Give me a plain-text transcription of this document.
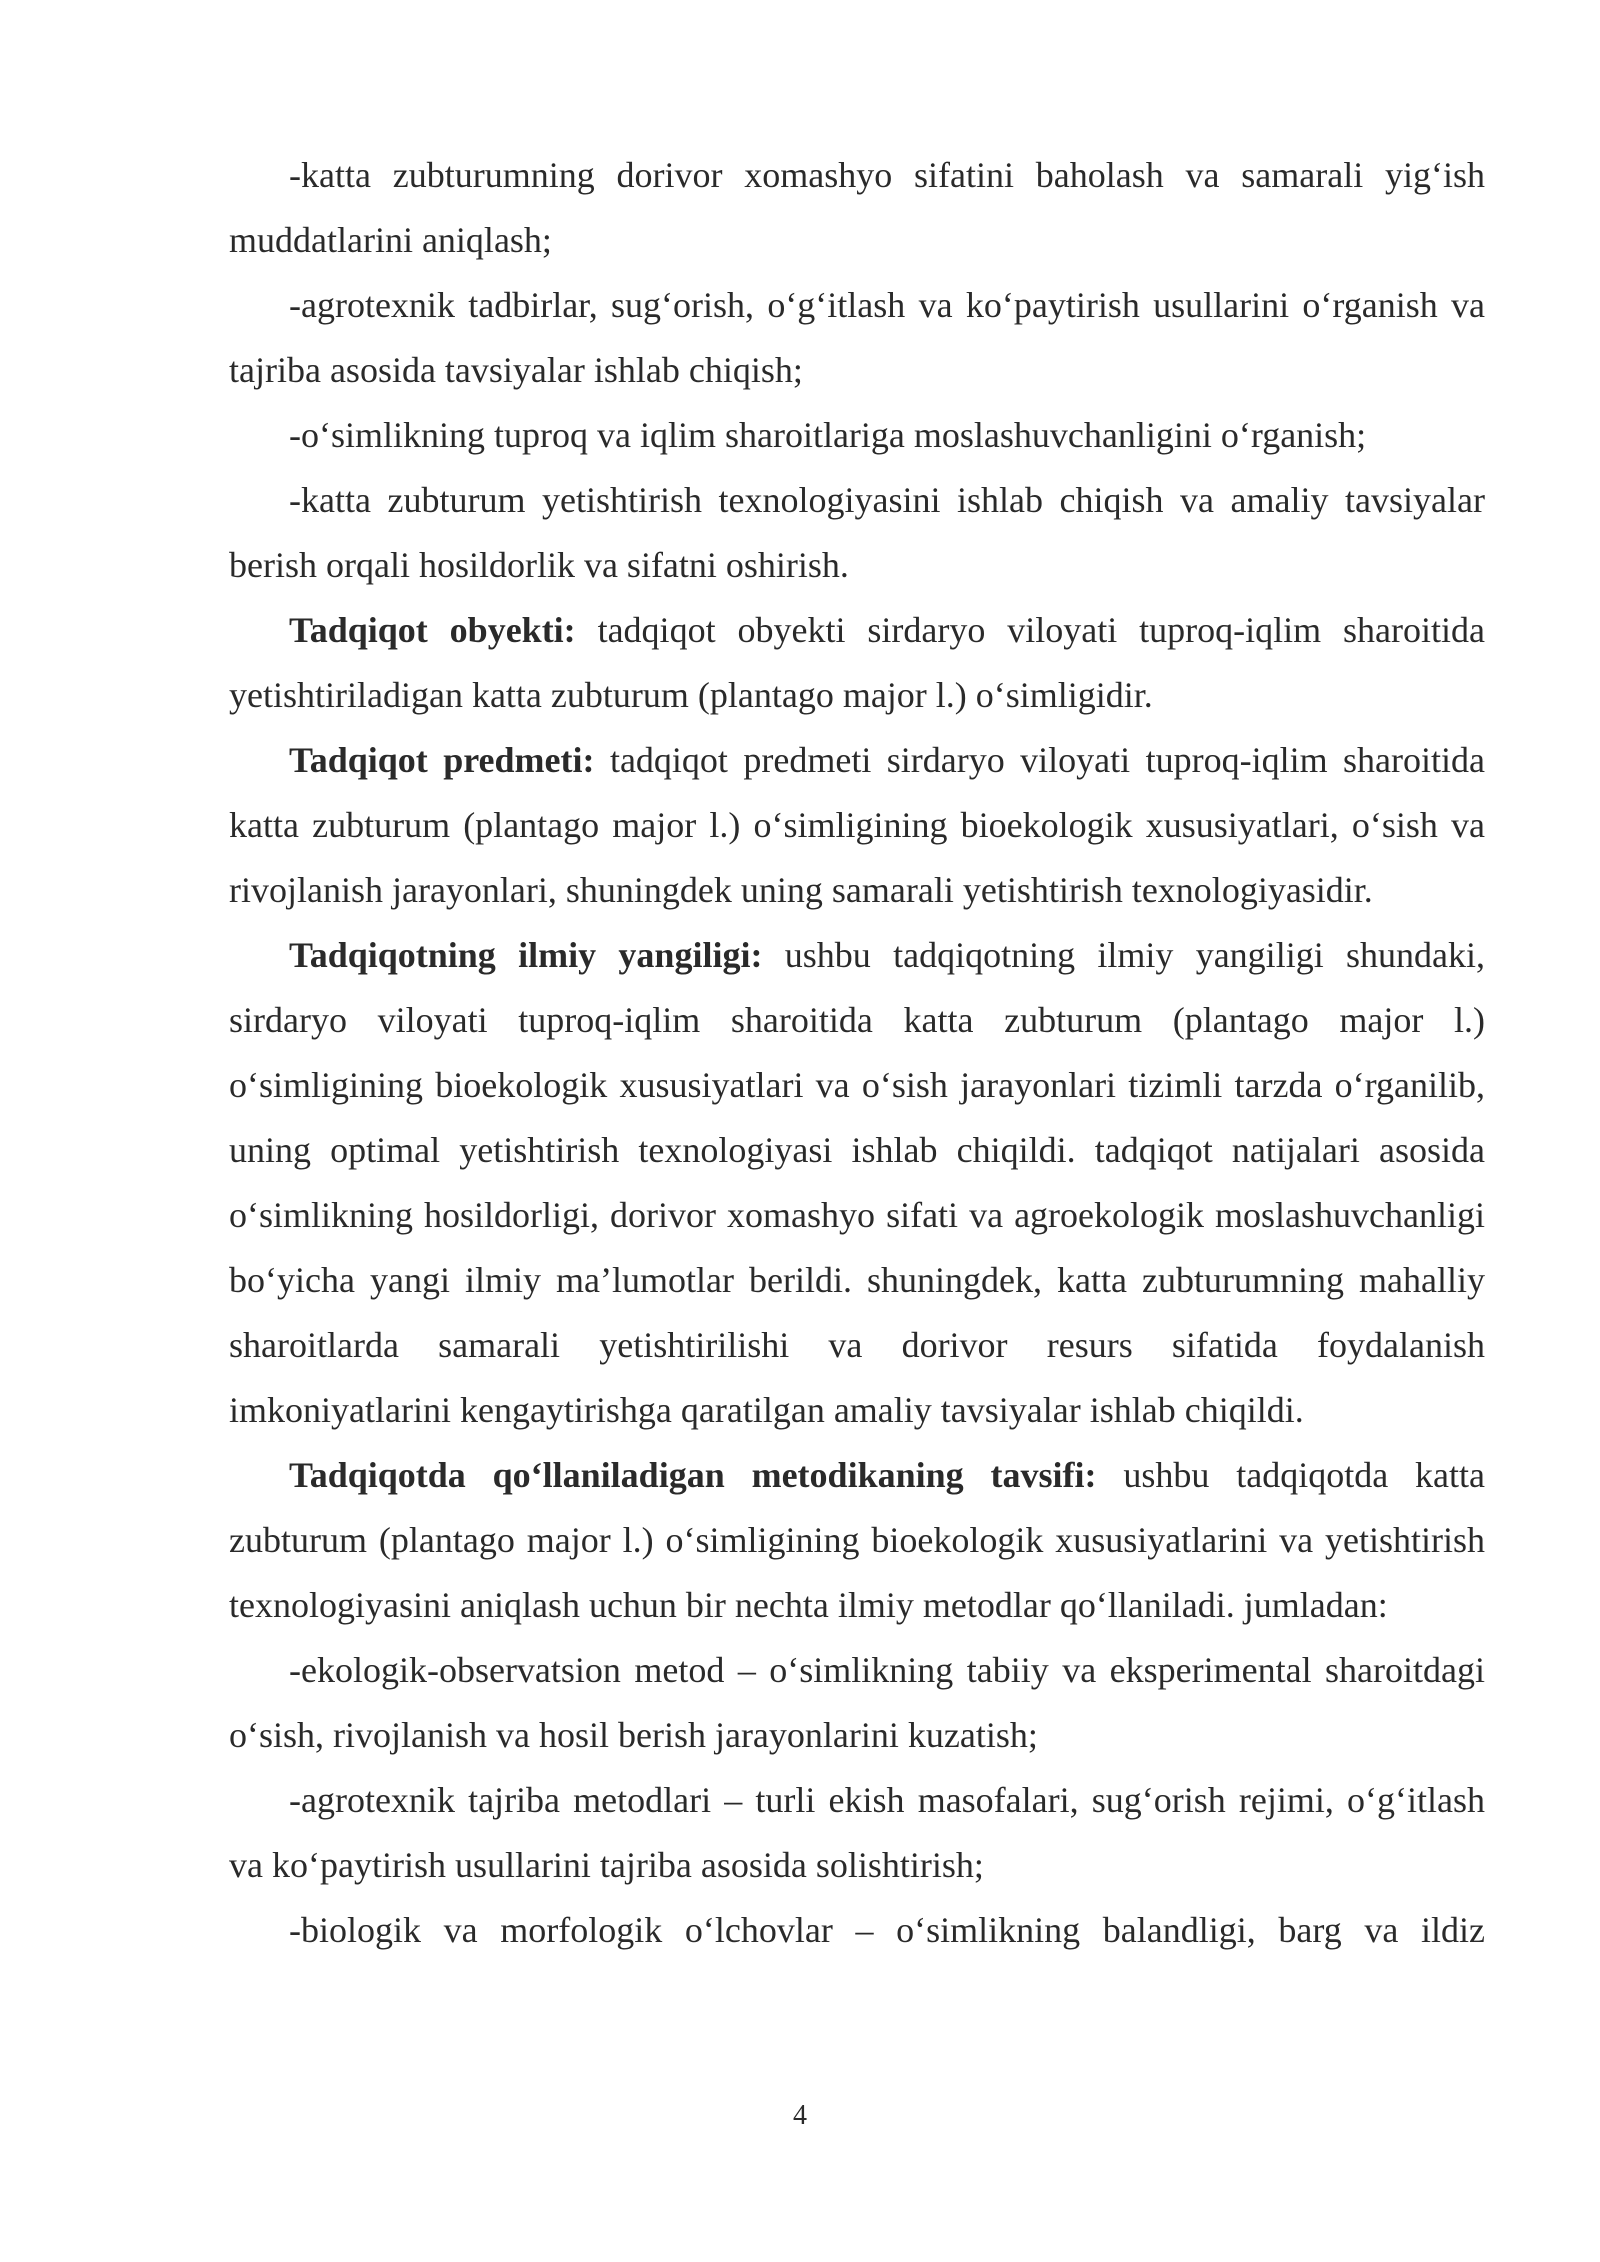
-katta zubturumning dorivor xomashyo sifatini baholash va samarali yig‘ish muddatlarini aniqlash;

-agrotexnik tadbirlar, sug‘orish, o‘g‘itlash va ko‘paytirish usullarini o‘rganish va tajriba asosida tavsiyalar ishlab chiqish;

-o‘simlikning tuproq va iqlim sharoitlariga moslashuvchanligini o‘rganish;

-katta zubturum yetishtirish texnologiyasini ishlab chiqish va amaliy tavsiyalar berish orqali hosildorlik va sifatni oshirish.

Tadqiqot obyekti: tadqiqot obyekti sirdaryo viloyati tuproq-iqlim sharoitida yetishtiriladigan katta zubturum (plantago major l.) o‘simligidir.

Tadqiqot predmeti: tadqiqot predmeti sirdaryo viloyati tuproq-iqlim sharoitida katta zubturum (plantago major l.) o‘simligining bioekologik xususiyatlari, o‘sish va rivojlanish jarayonlari, shuningdek uning samarali yetishtirish texnologiyasidir.

Tadqiqotning ilmiy yangiligi: ushbu tadqiqotning ilmiy yangiligi shundaki, sirdaryo viloyati tuproq-iqlim sharoitida katta zubturum (plantago major l.) o‘simligining bioekologik xususiyatlari va o‘sish jarayonlari tizimli tarzda o‘rganilib, uning optimal yetishtirish texnologiyasi ishlab chiqildi. tadqiqot natijalari asosida o‘simlikning hosildorligi, dorivor xomashyo sifati va agroekologik moslashuvchanligi bo‘yicha yangi ilmiy ma’lumotlar berildi. shuningdek, katta zubturumning mahalliy sharoitlarda samarali yetishtirilishi va dorivor resurs sifatida foydalanish imkoniyatlarini kengaytirishga qaratilgan amaliy tavsiyalar ishlab chiqildi.

Tadqiqotda qo‘llaniladigan metodikaning tavsifi: ushbu tadqiqotda katta zubturum (plantago major l.) o‘simligining bioekologik xususiyatlarini va yetishtirish texnologiyasini aniqlash uchun bir nechta ilmiy metodlar qo‘llaniladi. jumladan:

-ekologik-observatsion metod – o‘simlikning tabiiy va eksperimental sharoitdagi o‘sish, rivojlanish va hosil berish jarayonlarini kuzatish;

-agrotexnik tajriba metodlari – turli ekish masofalari, sug‘orish rejimi, o‘g‘itlash va ko‘paytirish usullarini tajriba asosida solishtirish;

-biologik va morfologik o‘lchovlar – o‘simlikning balandligi, barg va ildiz

4
